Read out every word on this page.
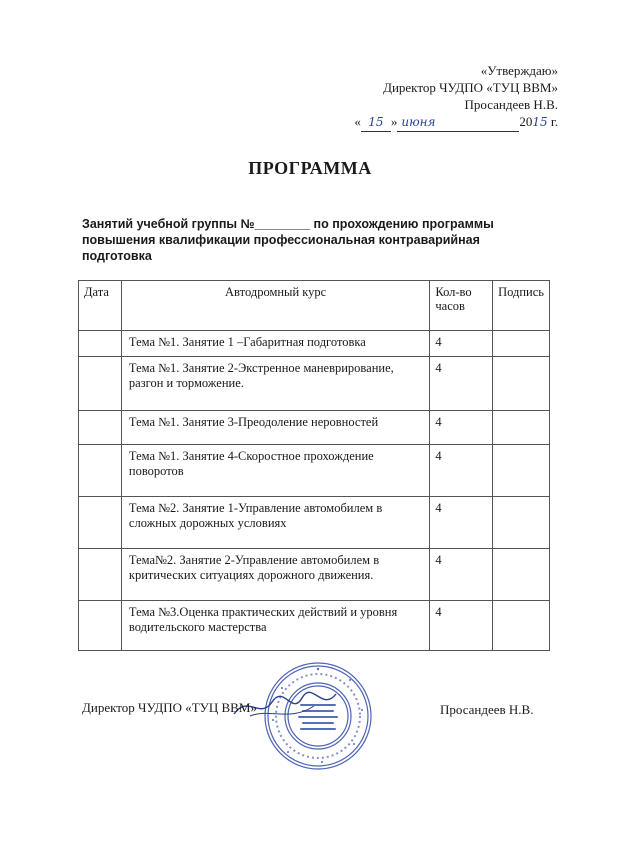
«Утверждаю»
Директор ЧУДПО «ТУЦ ВВМ»
Просандеев Н.В.
« 15 » июня	2015 г.
ПРОГРАММА
Занятий учебной группы №________ по прохождению программы повышения квалификации профессиональная контраварийная подготовка
Дата	Автодромный курс	Кол-во часов	Подпись
	Тема №1. Занятие 1 –Габаритная подготовка	4	
	Тема №1. Занятие 2-Экстренное маневрирование, разгон и торможение.	4	
	Тема №1. Занятие 3-Преодоление неровностей	4	
	Тема №1. Занятие 4-Скоростное прохождение поворотов	4	
	Тема №2. Занятие 1-Управление автомобилем в сложных дорожных условиях	4	
	Тема№2. Занятие 2-Управление автомобилем в критических ситуациях дорожного движения.	4	
	Тема №3.Оценка практических действий и уровня водительского мастерства	4	
Директор ЧУДПО «ТУЦ ВВМ»	Просандеев Н.В.
